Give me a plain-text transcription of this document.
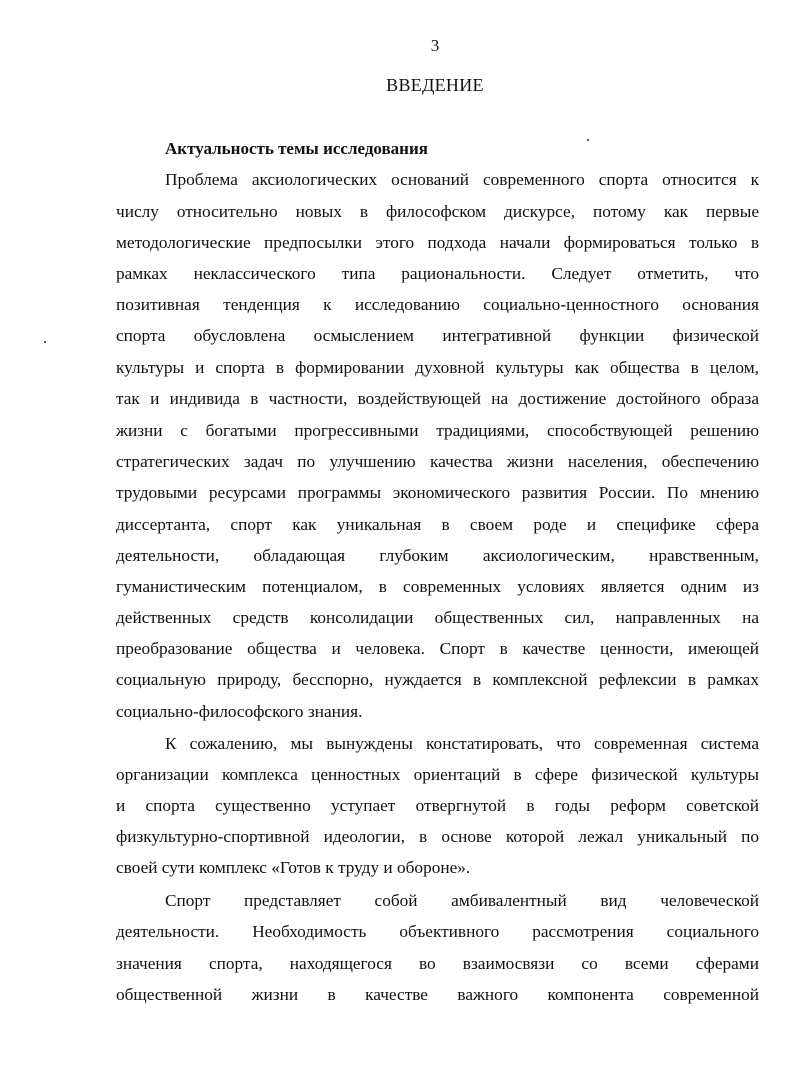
3
ВВЕДЕНИЕ
Актуальность темы исследования
Проблема аксиологических оснований современного спорта относится к
числу относительно новых в философском дискурсе, потому как первые
методологические предпосылки этого подхода начали формироваться только в
рамках неклассического типа рациональности. Следует отметить, что
позитивная тенденция к исследованию социально-ценностного основания
спорта обусловлена осмыслением интегративной функции физической
культуры и спорта в формировании духовной культуры как общества в целом,
так и индивида в частности, воздействующей на достижение достойного образа
жизни с богатыми прогрессивными традициями, способствующей решению
стратегических задач по улучшению качества жизни населения, обеспечению
трудовыми ресурсами программы экономического развития России. По мнению
диссертанта, спорт как уникальная в своем роде и специфике сфера
деятельности, обладающая глубоким аксиологическим, нравственным,
гуманистическим потенциалом, в современных условиях является одним из
действенных средств консолидации общественных сил, направленных на
преобразование общества и человека. Спорт в качестве ценности, имеющей
социальную природу, бесспорно, нуждается в комплексной рефлексии в рамках
социально-философского знания.
К сожалению, мы вынуждены констатировать, что современная система
организации комплекса ценностных ориентаций в сфере физической культуры
и спорта существенно уступает отвергнутой в годы реформ советской
физкультурно-спортивной идеологии, в основе которой лежал уникальный по
своей сути комплекс «Готов к труду и обороне».
Спорт представляет собой амбивалентный вид человеческой
деятельности. Необходимость объективного рассмотрения социального
значения спорта, находящегося во взаимосвязи со всеми сферами
общественной жизни в качестве важного компонента современной
